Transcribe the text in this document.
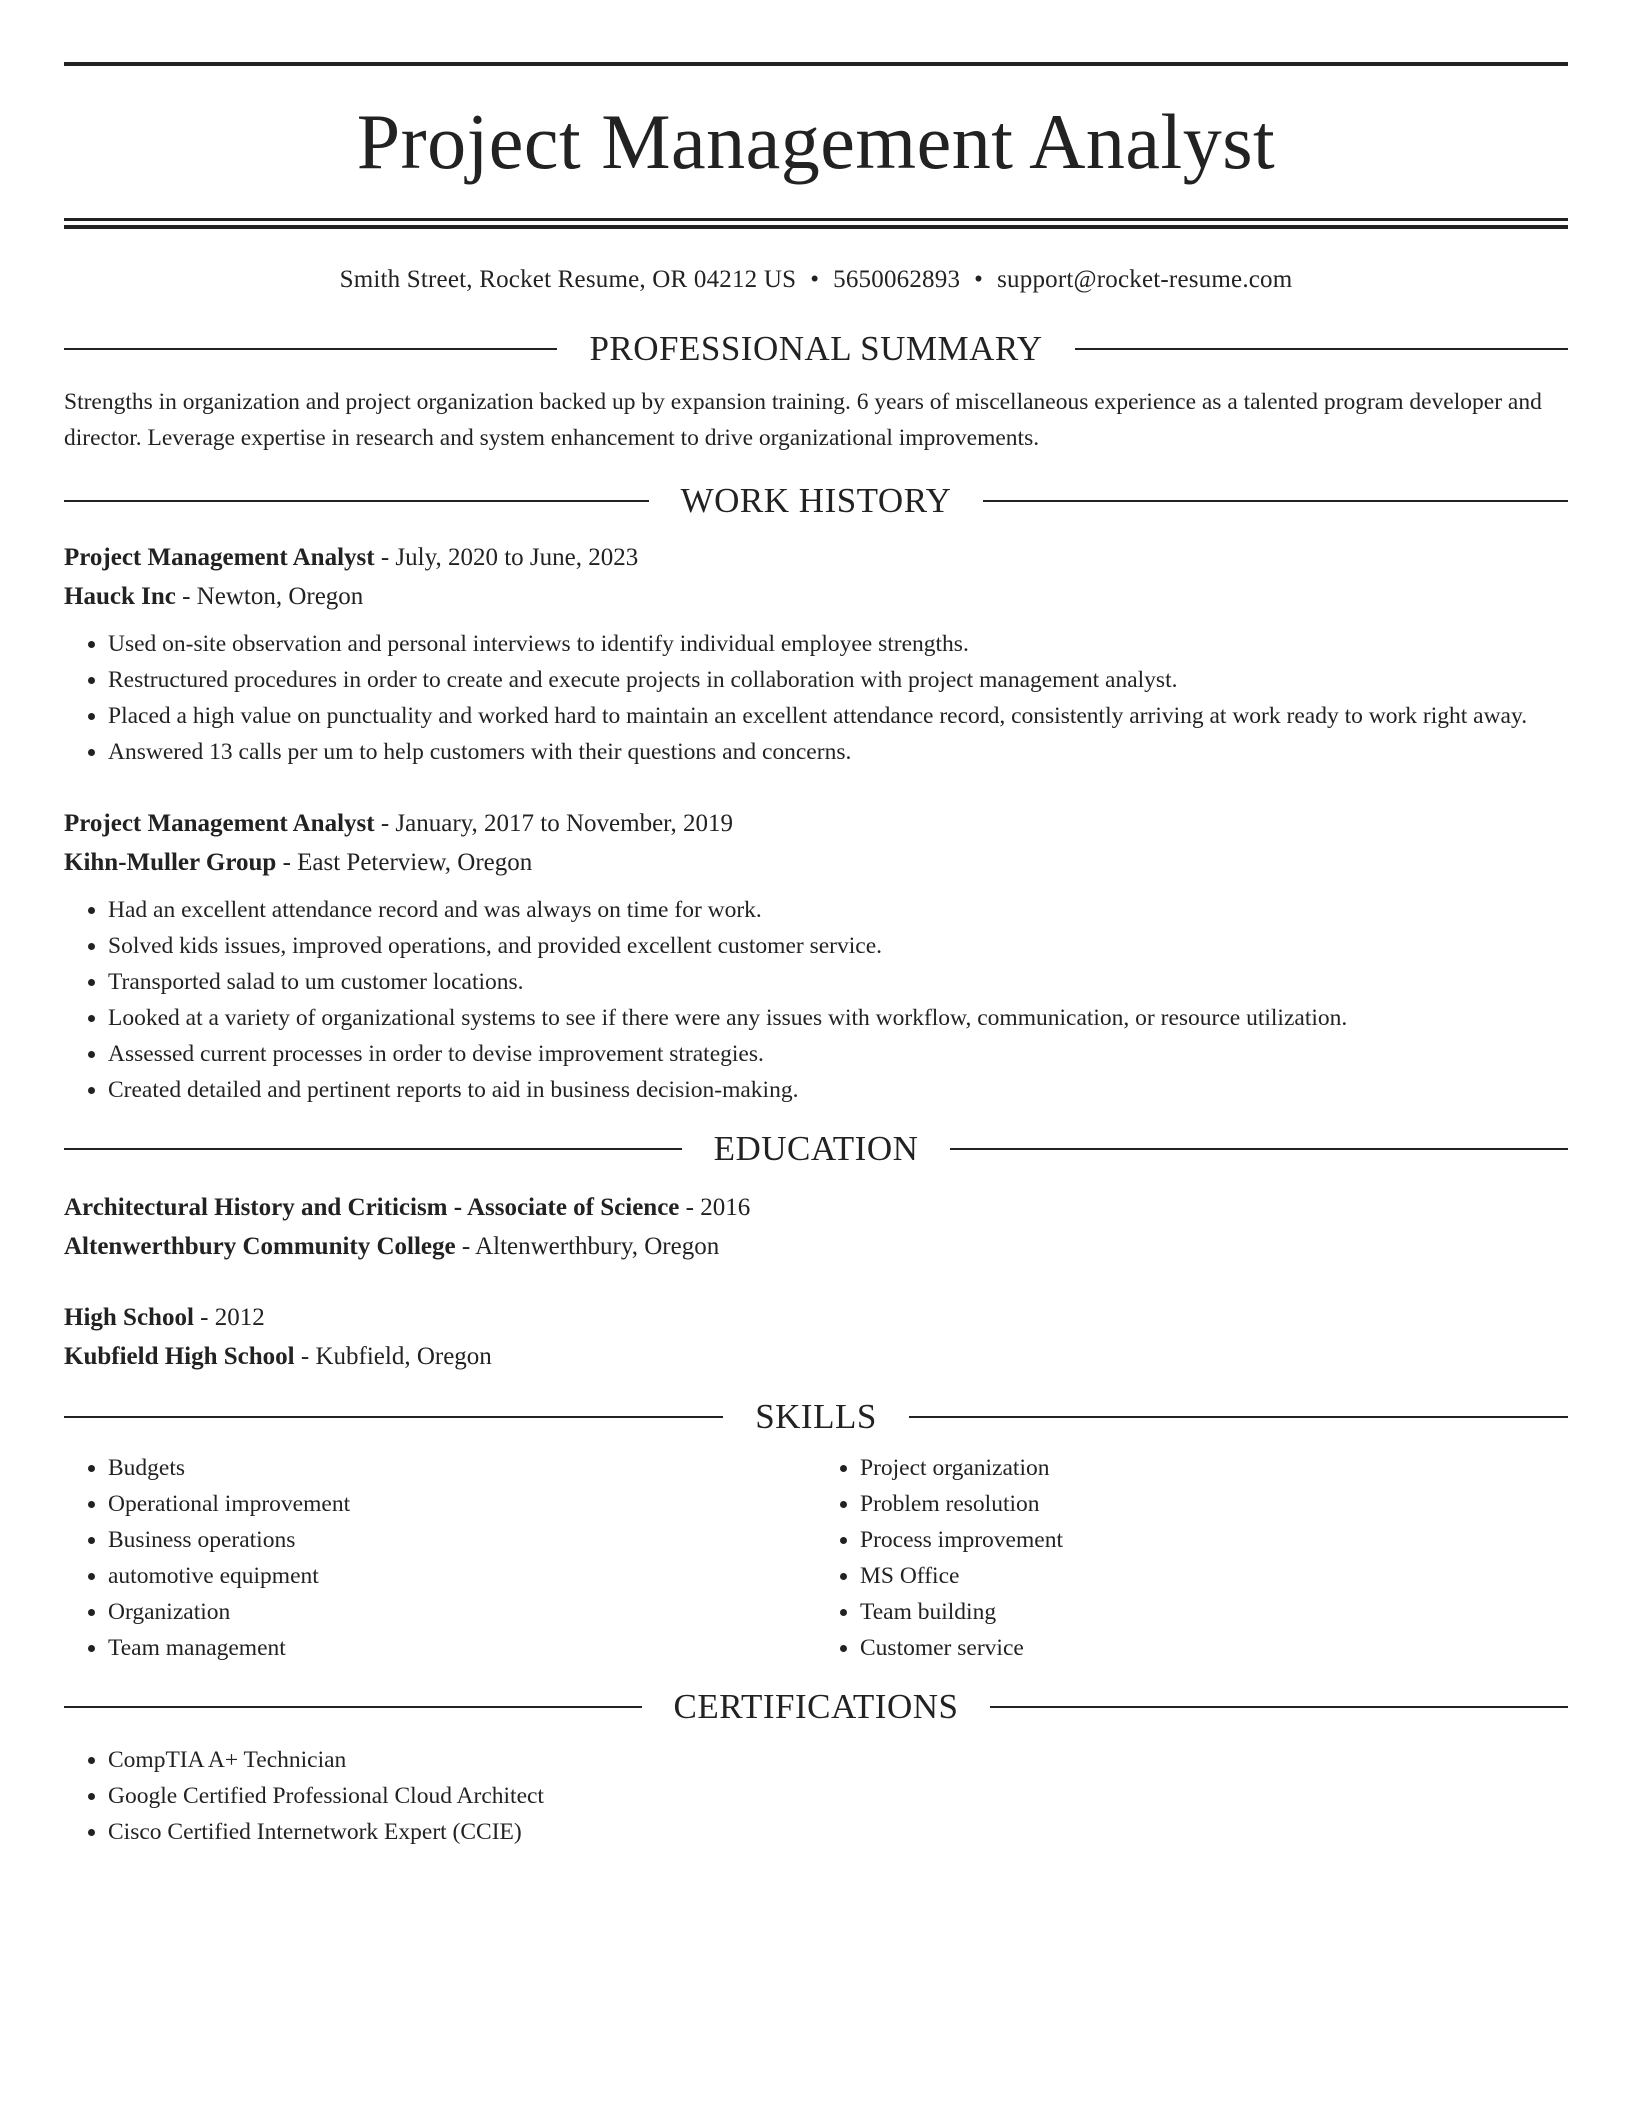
Project Management Analyst
Smith Street, Rocket Resume, OR 04212 US • 5650062893 • support@rocket-resume.com
PROFESSIONAL SUMMARY

Strengths in organization and project organization backed up by expansion training. 6 years of miscellaneous experience as a talented program developer and director. Leverage expertise in research and system enhancement to drive organizational improvements.

WORK HISTORY
Project Management Analyst - July, 2020 to June, 2023
Hauck Inc - Newton, Oregon
• Used on-site observation and personal interviews to identify individual employee strengths.
• Restructured procedures in order to create and execute projects in collaboration with project management analyst.
• Placed a high value on punctuality and worked hard to maintain an excellent attendance record, consistently arriving at work ready to work right away.
• Answered 13 calls per um to help customers with their questions and concerns.
Project Management Analyst - January, 2017 to November, 2019
Kihn-Muller Group - East Peterview, Oregon
• Had an excellent attendance record and was always on time for work.
• Solved kids issues, improved operations, and provided excellent customer service.
• Transported salad to um customer locations.
• Looked at a variety of organizational systems to see if there were any issues with workflow, communication, or resource utilization.
• Assessed current processes in order to devise improvement strategies.
• Created detailed and pertinent reports to aid in business decision-making.
EDUCATION
Architectural History and Criticism - Associate of Science - 2016
Altenwerthbury Community College - Altenwerthbury, Oregon
High School - 2012
Kubfield High School - Kubfield, Oregon
SKILLS
• Budgets
• Operational improvement
• Business operations
• automotive equipment
• Organization
• Team management
• Project organization
• Problem resolution
• Process improvement
• MS Office
• Team building
• Customer service
CERTIFICATIONS
• CompTIA A+ Technician
• Google Certified Professional Cloud Architect
• Cisco Certified Internetwork Expert (CCIE)
